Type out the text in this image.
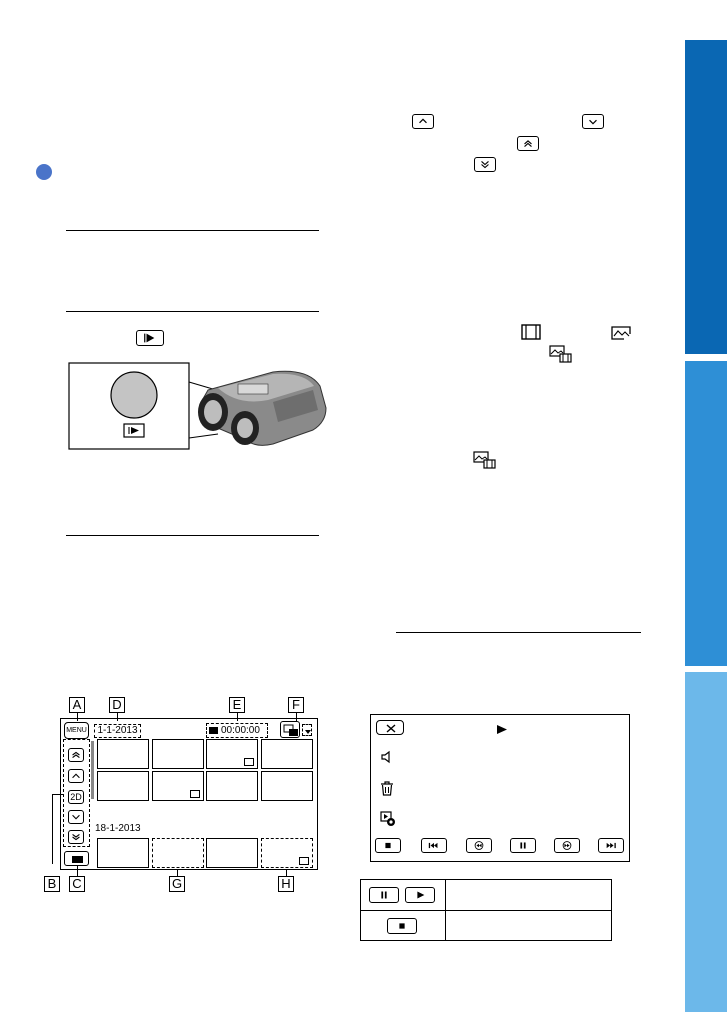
A D	E	F
MENU	1-1-2013	00:00:00
2D
18-1-2013
B C	G	H
